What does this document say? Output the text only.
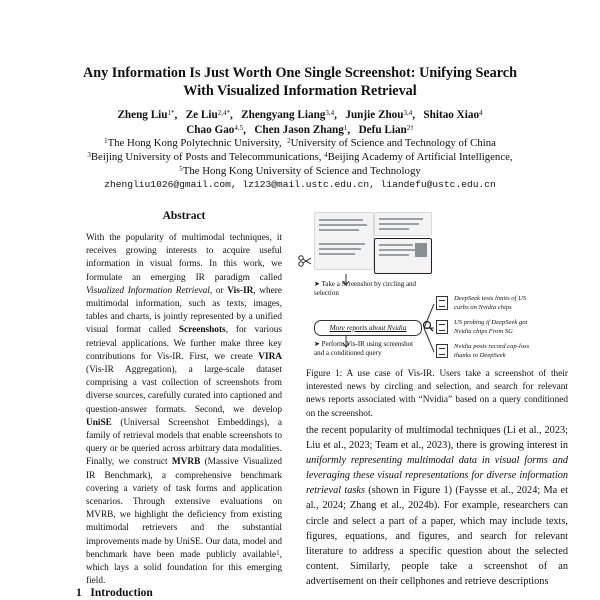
Any Information Is Just Worth One Single Screenshot: Unifying Search
With Visualized Information Retrieval
Zheng Liu$^{1*}$,   Ze Liu$^{2,4*}$,   Zhengyang Liang$^{3,4}$,   Junjie Zhou$^{3,4}$,   Shitao Xiao$^4$
Chao Gao$^{4,5}$,   Chen Jason Zhang$^1$,   Defu Lian$^{2\dagger}$
$^1$The Hong Kong Polytechnic University, $^2$University of Science and Technology of China
$^3$Beijing University of Posts and Telecommunications, $^4$Beijing Academy of Artificial Intelligence,
$^5$The Hong Kong University of Science and Technology
zhengliu1026@gmail.com, lz123@mail.ustc.edu.cn, liandefu@ustc.edu.cn
Abstract

With the popularity of multimodal techniques, it receives growing interests to acquire useful information in visual forms. In this work, we formulate an emerging IR paradigm called Visualized Information Retrieval, or Vis-IR, where multimodal information, such as texts, images, tables and charts, is jointly represented by a unified visual format called Screenshots, for various retrieval applications. We further make three key contributions for Vis-IR. First, we create VIRA (Vis-IR Aggregation), a large-scale dataset comprising a vast collection of screenshots from diverse sources, carefully curated into captioned and question-answer formats. Second, we develop UniSE (Universal Screenshot Embeddings), a family of retrieval models that enable screenshots to query or be queried across arbitrary data modalities. Finally, we construct MVRB (Massive Visualized IR Benchmark), a comprehensive benchmark covering a variety of task forms and application scenarios. Through extensive evaluations on MVRB, we highlight the deficiency from existing multimodal retrievers and the substantial improvements made by UniSE. Our data, model and benchmark have been made publicly available$^1$, which lays a solid foundation for this emerging field.

1 Introduction
➤ Take a Screenshot by circling and selection
More reports about Nvidia
➤ Perform Vis-IR using screenshot and a conditioned query
DeepSeek tests limits of US curbs on Nvidia chips
US probing if DeepSeek got Nvidia chips From SG
Nvidia posts record cap-loss thanks to DeepSeek
Figure 1: A use case of Vis-IR. Users take a screenshot of their interested news by circling and selection, and search for relevant news reports associated with “Nvidia” based on a query conditioned on the screenshot.

the recent popularity of multimodal techniques (Li et al., 2023; Liu et al., 2023; Team et al., 2023), there is growing interest in uniformly representing multimodal data in visual forms and leveraging these visual representations for diverse information retrieval tasks (shown in Figure 1) (Faysse et al., 2024; Ma et al., 2024; Zhang et al., 2024b). For example, researchers can circle and select a part of a paper, which may include texts, figures, equations, and figures, and search for relevant literature to address a specific question about the selected content. Similarly, people take a screenshot of an advertisement on their cellphones and retrieve descriptions
